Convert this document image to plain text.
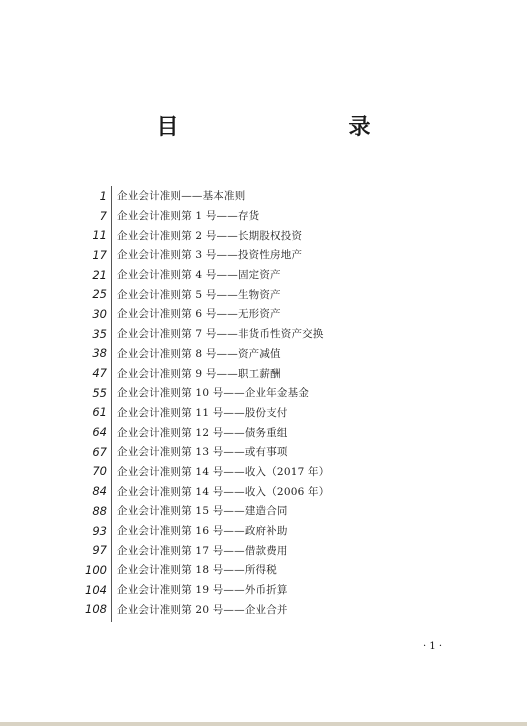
目　　录
1 企业会计准则——基本准则
7 企业会计准则第 1 号——存货
11 企业会计准则第 2 号——长期股权投资
17 企业会计准则第 3 号——投资性房地产
21 企业会计准则第 4 号——固定资产
25 企业会计准则第 5 号——生物资产
30 企业会计准则第 6 号——无形资产
35 企业会计准则第 7 号——非货币性资产交换
38 企业会计准则第 8 号——资产减值
47 企业会计准则第 9 号——职工薪酬
55 企业会计准则第 10 号——企业年金基金
61 企业会计准则第 11 号——股份支付
64 企业会计准则第 12 号——债务重组
67 企业会计准则第 13 号——或有事项
70 企业会计准则第 14 号——收入（2017 年）
84 企业会计准则第 14 号——收入（2006 年）
88 企业会计准则第 15 号——建造合同
93 企业会计准则第 16 号——政府补助
97 企业会计准则第 17 号——借款费用
100 企业会计准则第 18 号——所得税
104 企业会计准则第 19 号——外币折算
108 企业会计准则第 20 号——企业合并
· 1 ·
